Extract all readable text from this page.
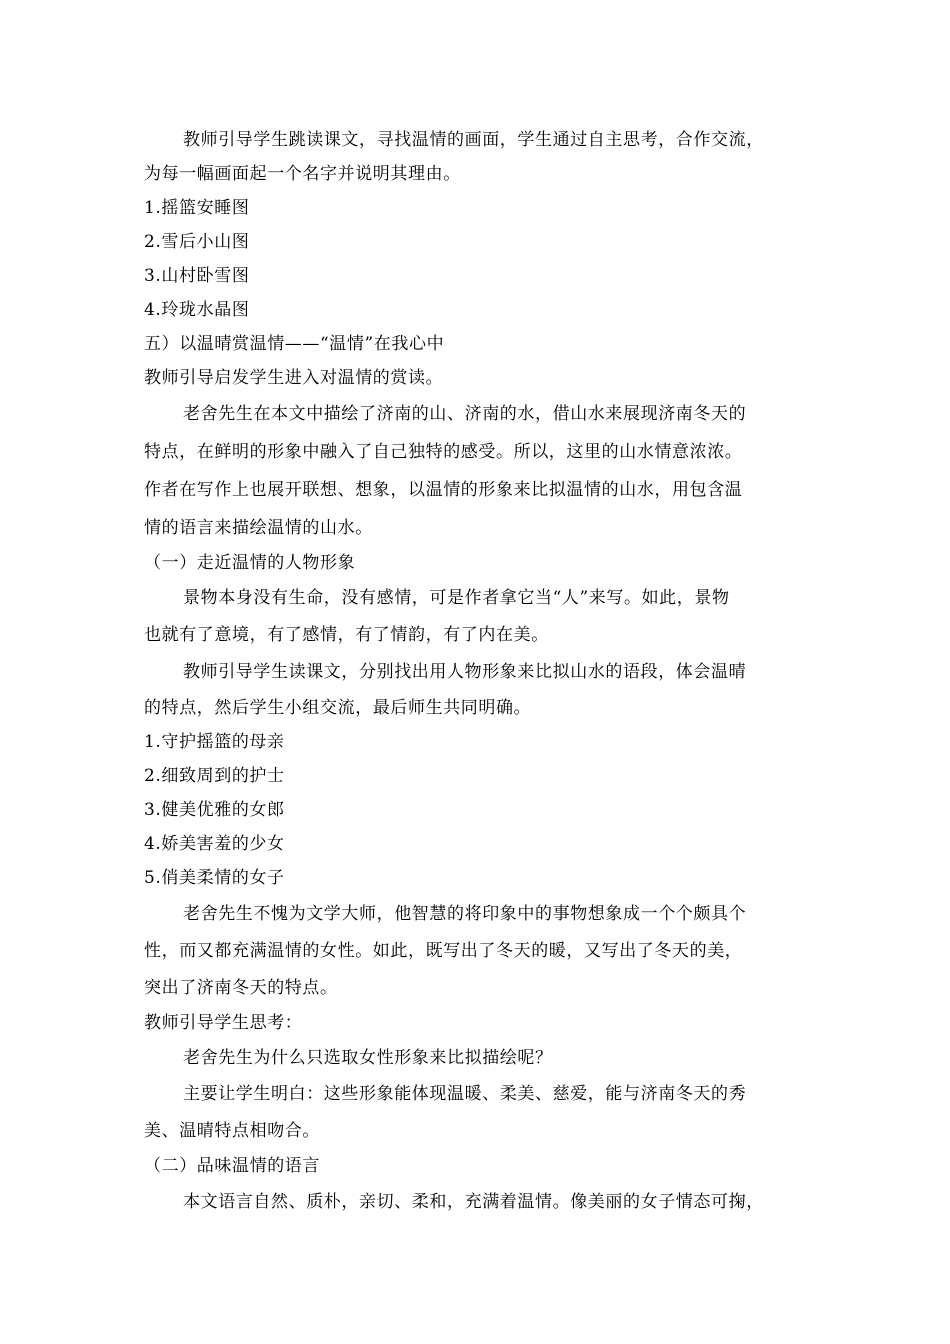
教师引导学生跳读课文，寻找温情的画面，学生通过自主思考，合作交流，
为每一幅画面起一个名字并说明其理由。
1.摇篮安睡图
2.雪后小山图
3.山村卧雪图
4.玲珑水晶图
五）以温晴赏温情——“温情”在我心中
教师引导启发学生进入对温情的赏读。
老舍先生在本文中描绘了济南的山、济南的水，借山水来展现济南冬天的
特点，在鲜明的形象中融入了自己独特的感受。所以，这里的山水情意浓浓。
作者在写作上也展开联想、想象，以温情的形象来比拟温情的山水，用包含温
情的语言来描绘温情的山水。
（一）走近温情的人物形象
景物本身没有生命，没有感情，可是作者拿它当“人”来写。如此，景物
也就有了意境，有了感情，有了情韵，有了内在美。
教师引导学生读课文，分别找出用人物形象来比拟山水的语段，体会温晴
的特点，然后学生小组交流，最后师生共同明确。
1.守护摇篮的母亲
2.细致周到的护士
3.健美优雅的女郎
4.娇美害羞的少女
5.俏美柔情的女子
老舍先生不愧为文学大师，他智慧的将印象中的事物想象成一个个颇具个
性，而又都充满温情的女性。如此，既写出了冬天的暖，又写出了冬天的美，
突出了济南冬天的特点。
教师引导学生思考：
老舍先生为什么只选取女性形象来比拟描绘呢？
主要让学生明白：这些形象能体现温暖、柔美、慈爱，能与济南冬天的秀
美、温晴特点相吻合。
（二）品味温情的语言
本文语言自然、质朴，亲切、柔和，充满着温情。像美丽的女子情态可掬，
